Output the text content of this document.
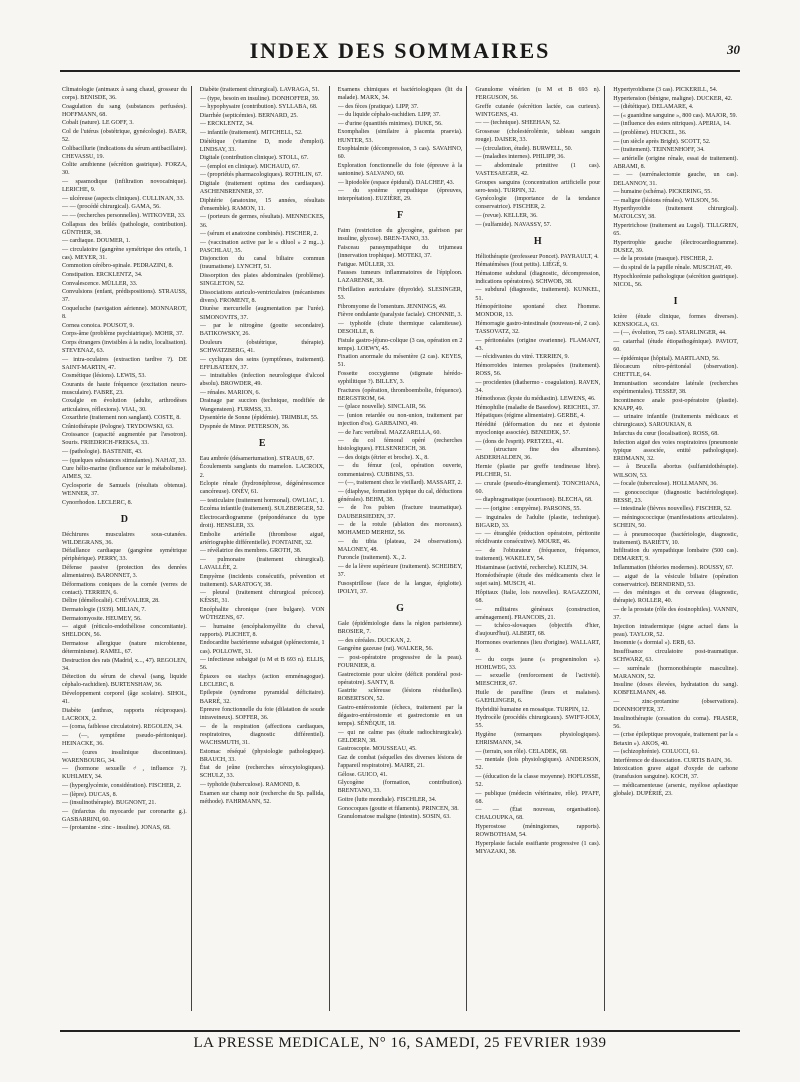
INDEX DES SOMMAIRES	30
Climatologie (animaux à sang chaud, grosseur du corps). BENISDE, 36.
Coagulation du sang (substances perfusées). HOFFMANN, 68.
Cobalt (nature). LE GOFF, 3.
Col de l'utérus (obstétrique, gynécologie). BAER, 52.
Colibacillurie (indications du sérum antibacillaire). CHEVASSU, 19.
Colite amibienne (sécrétion gastrique). FORZA, 30.
— spasmodique (infiltration novocaïnique). LERICHE, 9.
— ulcéreuse (aspects cliniques). CULLINAN, 33.
— — (procédé chirurgical). GAMA, 56.
— — (recherches personnelles). WITKOVER, 33.
Collapsus des brûlés (pathologie, contribution). GÜNTHER, 38.
— cardiaque. DOUMER, 1.
— circulatoire (gangrène symétrique des orteils, 1 cas). MEYER, 31.
Commotion cérébro-spinale. PEDRAZINI, 8.
Constipation. ERCKLENTZ, 34.
Convalescence. MÜLLER, 33.
Convulsions (enfant, prédispositions). STRAUSS, 37.
Coqueluche (navigation aérienne). MONNAROT, 8.
Cornea conoica. POUSOT, 9.
Corps-âme (problème psychiatrique). MOHR, 37.
Corps étrangers (invisibles à la radio, localisation). STEVENAZ, 63.
— intra-oculaires (extraction tardive ?). DE SAINT-MARTIN, 47.
Cosmétique (lésions). LEWIS, 53.
Courants de haute fréquence (excitation neuro-musculaire). FABRE, 23.
Coxalgie en évolution (adulte, arthrodèses articulaires, réflexions). VIAL, 30.
Coxarthrie (traitement non sanglant). COSTE, 8.
Crâniothérapie (Pologne). TRYDOWSKI, 63.
Croissance (capacité augmentée par l'æsotron). Souris. FRIEDRICH-FREKSA, 33.
— (pathologie). BASTENIE, 43.
— (quelques substances stimulantes). NAHAT, 33.
Cure hélio-marine (influence sur le métabolisme). AIMES, 32.
Cyclosporie de Samuels (résultats obtenus). WENNER, 37.
Cynorrhodon. LECLERC, 8.
D
Déchirures musculaires sous-cutanées. WILDEGRANS, 36.
Défaillance cardiaque (gangrène symétrique périphérique). PERRY, 33.
Défense passive (protection des denrées alimentaires). BARONNET, 3.
Déformations coniques de la cornée (verres de contact). TERRIEN, 6.
Délire (démélocalié). CHÉVALIER, 28.
Dermatologie (1939). MILIAN, 7.
Dermatomyosite. HEUMEY, 56.
— aiguë (réticulo-endothéliose concomitante). SHELDON, 56.
Dermatose allergique (nature microbienne, déterminisme). RAMEL, 67.
Destruction des rats (Madrid, x..., 47). REGOLEN, 34.
Détection du sérum de cheval (sang, liquide céphalo-rachidien). BURTENSHAW, 36.
Développement corporel (âge scolaire). SIHOL, 41.
Diabète (anthrax, rapports réciproques). LACROIX, 2.
— (coma, faiblesse circulatoire). REGOLEN, 34.
— (—, symptôme pseudo-péritonique). HEINACKE, 36.
— (cures insulinique discontinues). WARENBOURG, 34.
— (hormone sexuelle ♂, influence ?). KUHLMEY, 34.
— (hyperglycémie, considération). FISCHER, 2.
— (lèpre). DUCAS, 8.
— (insulinothérapie). BUGNONT, 21.
— (infarctus du myocarde par coronarite g.). GASBARRINI, 60.
— (protamine - zinc - insuline). JONAS, 68.
Diabète (traitement chirurgical). LAVRAGA, 51.
— (type, besoin en insuline). DONHOFFER, 39.
— hypophysaire (contribution). SYLLABA, 68.
Diarrhée (septicémies). BERNARD, 25.
— ERCKLENTZ, 34.
— infantile (traitement). MITCHELL, 52.
Diététique (vitamine D, mode d'emploi). LINDSAY, 33.
Digitale (contribution clinique). STOLL, 67.
— (emploi en clinique). MICHAUD, 67.
— (propriétés pharmacologiques). ROTHLIN, 67.
Digitale (traitement optima des cardiaques). ASCHENBRENNER, 37.
Diphtérie (anatoxine, 15 années, résultats d'ensemble). RAMON, 11.
— (porteurs de germes, résultats). MENNECKES, 36.
— (sérum et anatoxine combinés). FISCHER, 2.
— (vaccination active par le « diluol » 2 mg...). PASCHLAU, 35.
Disjonction du canal biliaire commun (traumatisme). LYNCHT, 51.
Dissorption des plaies abdominales (problème). SINGLETON, 52.
Dissociations auriculo-ventriculaires (mécanismes divers). FROMENT, 8.
Diurèse mercurielle (augmentation par l'urée). SIMONOVITS, 37.
— par le nitrogène (goutte secondaire). BATIKOWSKY, 26.
Douleurs (obstétrique, thérapie). SCHWATZBERG, 41.
— cycliques des seins (symptômes, traitement). EFFLBATEEN, 37.
— intraitables (infection neurologique d'alcool absolu). BROWDER, 49.
— rénales. MARION, 6.
Drainage par succion (technique, modifiée de Wangensteen). FURMSS, 33.
Dysentérie de Sonne (épidémie). TRIMBLE, 55.
Dyspnée de Minor. PETERSON, 36.
E
Eau ambrée (désamertumation). STRAUB, 67.
Écoulements sanglants du mamelon. LACROIX, 2.
Eclopie rénale (hydronéphrose, dégénérescence cancéreuse). ONÉV, 61.
— testiculaire (traitement hormonal). OWLIAC, 1.
Eczéma infantile (traitement). SULZBERGER, 52.
Electrocardiogramme (prépondérance du type droit). HENSLER, 33.
Embolie artérielle (thrombose aiguë, artériographie différentielle). FONTAINE, 32.
— révélatrice des membres. GROTH, 38.
— pulmonaire (traitement chirurgical). LAVALLÉE, 2.
Empyème (incidents consécutifs, prévention et traitement). SARATOGY, 38.
— pleural (traitement chirurgical précoce). KÉSSE, 31.
Encéphalite chronique (rare bulgare). VON WÜTHZENS, 67.
— humaine (encéphalomyélite du cheval, rapports). PLICHET, 8.
Endocardite bactérienne subaiguë (splénectomie, 1 cas). POLLOWE, 31.
— infectieuse subaiguë (u M et B 693 n). ELLIS, 56.
Épiaxes ou stachys (action emménagogue). LECLERC, 8.
Epilepsie (syndrome pyramidal déficitaire). BARRÉ, 32.
Epreuve fonctionnelle du foie (dilatation de soude intraveineux). SOFFER, 36.
— de la respiration (affections cardiaques, respiratoires, diagnostic différentiel). WACHSMUTH, 31.
Estomac réséqué (physiologie pathologique). BRAUCH, 33.
État de jeûne (recherches sérocytologiques). SCHULZ, 33.
— typhoïde (tuberculose). RAMOND, 8.
Examen sur champ noir (recherche du Sp. pallida, méthode). FAHRMANN, 52.
Examens chimiques et bactériologiques (lit du malade). MARX, 34.
— des fèces (pratique). LIPP, 37.
— du liquide céphalo-rachidien. LIPP, 37.
— d'urine (quantités minimes). DUKE, 56.
Exomphalies (similaire à placenta praevia). HUNTER, 53.
Exophtalmie (décompression, 3 cas). SAVAHNO, 60.
Exploration fonctionnelle du foie (épreuve à la santonine). SALVANO, 60.
— lipiodolée (espace épidural). DALCHEF, 43.
— du système sympathique (épreuves, interprétation). EUZIÈRE, 29.
F
Faim (restriction du glycogène, guérison par insuline, glycose). BREN-TANO, 33.
Faisceau parasympathique du trijumeau (innervation trophique). MOTEKI, 37.
Fatigue. MÜLLER, 33.
Fausses tumeurs inflammatoires de l'épiploon. LAZARENSE, 38.
Fibrillation auriculaire (thyroïde). SLESINGER, 53.
Fibromyome de l'omentum. JENNINGS, 49.
Fièvre ondulante (paralysie faciale). CHONNIE, 3.
— typhoïde (chute thermique calamiteuse). DESOILLE, 8.
Fistule gastro-jéjuno-colique (3 cas, opération en 2 temps). LOEWY, 45.
Fixation anormale du mésentère (2 cas). KEYES, 51.
Fossette coccygienne (stigmate hérédo-syphilitique ?). BILLEY, 3.
Fractures (opération, thromboembolie, fréquence). BERGSTROM, 64.
— (place nouvelle). SINCLAIR, 56.
— (union retardée ou non-union, traitement par injection d'os). GARBAINO, 49.
— de l'arc vertébral. MAZZARELLA, 60.
— du col fémoral opéré (recherches histologiques). FELSENREICH, 38.
— des doigts (étrier et broche). X., 8.
— du fémur (col, opération ouverte, commentaires). CUBBINS, 53.
— (—, traitement chez le vieillard). MASSART, 2.
— (diaphyse, formation typique du cal, déductions générales). BEHM, 38.
— de l'os pubien (fracture traumatique). DAUBERSIEDEN, 37.
— de la rotule (ablation des morceaux). MOHAMED MERHIZ, 56.
— du tibia (plateau, 24 observations). MALONEY, 48.
Furoncle (traitement). X., 2.
— de la lèvre supérieure (traitement). SCHEIBEY, 37.
Fusospirillose (face de la langue, épiglotte). IPOLYI, 37.
G
Gale (épidémiologie dans la région parisienne). BROSIER, 7.
— des céréales. DUCKAN, 2.
Gangrène gazeuse (rat). WALKER, 56.
— post-opératoire progressive de la peau). FOURNIER, 8.
Gastrectomie pour ulcère (déficit pondéral post-opératoire). SANTY, 8.
Gastrite scléreuse (lésions résiduelles). ROBERTSON, 52.
Gastro-entérostomie (échecs, traitement par la dégastro-entérostomie et gastrectomie en un temps). SÉNÈQUE, 18.
— qui ne calme pas (étude radiochirurgicale). GELDERN, 38.
Gastroscopie. MOUSSEAU, 45.
Gaz de combat (séquelles des diverses lésions de l'appareil respiratoire). MAIRE, 21.
Gélose. GUICO, 41.
Glycogène (formation, contribution). BRENTANO, 33.
Goitre (lutte mondiale). FISCHLER, 34.
Gonocoques (goutte et filaments). PRINCEN, 38.
Granulomatose maligne (intestin). SOSIN, 63.
Granulome vénérien (u M et B 693 n). FERGUSON, 56.
Greffe cutanée (sécrétion lactée, cas curieux). WINTGENS, 43.
— — (technique). SHEEHAN, 52.
Grossesse (cholestérolémie, tableau sanguin rouge). DAISER, 33.
— (circulation, étude). BURWELL, 50.
— (maladies internes). PHILIPP, 36.
— abdominale primitive (1 cas). VASTESAEGER, 42.
Groupes sanguins (concentration artificielle pour sero-tests). TURPIN, 32.
Gynécologie (importance de la tendance conservatrice). FISCHER, 2.
— (revue). KELLER, 36.
— (sulfamide). NAVASSY, 57.
H
Héliothérapie (professeur Poncet). PAYRAULT, 4.
Hématémèses (fout petits). LIÉGÉ, 9.
Hématome subdural (diagnostic, décompression, indications opératoires). SCHWOB, 38.
— subdural (diagnostic, traitement). KUNKEL, 51.
Hémopéritoine spontané chez l'homme. MONDOR, 13.
Hémorragie gastro-intestinale (nouveau-né, 2 cas). TASSOVATZ, 32.
— péritonéales (origine ovarienne). FLAMANT, 43.
— récidivantes du vitré. TERRIEN, 9.
Hémorroïdes internes prolapsées (traitement). ROSS, 56.
— procidentes (diathermo - coagulation). RAVEN, 34.
Hémothorax (kyste du médiastin). LEWENS, 46.
Hémophilie (maladie de Basedow). REICHEL, 37.
Hépatiques (régime alimentaire). GERBE, 4.
Hérédité (déformation du nez et dystonie myocloniqe associée). BENEDEK, 57.
— (dons de l'esprit). PRETZEL, 41.
— (structure fine des albumines). ABDERHALDEN, 36.
Hernie (plastie par greffe tendineuse libre). PILCHER, 51.
— crurale (pseudo-étranglement). TONCHIANA, 60.
— diaphragmatique (sourrisson). BLECHA, 68.
— — (origine : empyème). PARSONS, 55.
— inguinales de l'adulte (plastie, technique). BIGARD, 33.
— — étranglée (réduction opératoire, péritonite récidivante consécutive). MOURE, 46.
— de l'obturateur (fréquence, fréquence, traitement). WAKELEY, 54.
Histaminase (activité, recherche). KLEIN, 34.
Homéothérapie (étude des médicaments chez le sujet sain). MUSCH, 41.
Hôpitaux (Italie, lois nouvelles). RAGAZZONI, 68.
— militaires généraux (construction, aménagement). FRANCOIS, 21.
— tchéco-slovaques (objectifs d'hier, d'aujourd'hui). ALBERT, 68.
Hormones ovariennes (lieu d'origine). WALLART, 8.
— du corps jaune (« progneninolon »). HOHLWEG, 33.
— sexuelle (renforcement de l'activité). MIESCHER, 67.
Huile de paraffine (leurs et malaises). GAEHLINGER, 6.
Hybridité humaine en mosaïque. TURPIN, 12.
Hydrocèle (procédés chirurgicaux). SWIFT-JOLY, 55.
Hygiène (remarques physiologiques). EHRISMANN, 34.
— (terrain, son rôle). CELADEK, 68.
— mentale (lois physiologiques). ANDERSON, 52.
— (éducation de la classe moyenne). HOFLOSSE, 52.
— publique (médecin vétérinaire, rôle). PFAFF, 68.
— — (État nouveau, organisation). CHALOUPKA, 68.
Hyperostose (méningiomes, rapports). ROWBOTHAM, 54.
Hyperplasie faciale essifiante progressive (1 cas). MIYAZAKI, 38.
Hypertyroïdisme (3 cas). PICKERILL, 54.
Hypertension (bénigne, maligne). DUCKER, 42.
— (diététique). DELAMARE, 4.
— (« guanidine sanguine », 800 cas). MAJOR, 59.
— (influence des esters nitriques). APERIA, 14.
— (problème). HUCKEL, 36.
— (un siècle après Bright). SCOTT, 52.
— (traitement). TEINNENHOFF, 34.
— artérielle (origine rénale, essai de traitement). ABRAMI, 8.
— — (surrénalectomie gauche, un cas). DELANNOY, 31.
— humaine (schéma). PICKERING, 55.
— maligne (lésions rénales). WILSON, 56.
Hyperthyroïdie (traitement chirurgical). MATOLCSY, 38.
Hypertrichose (traitement au Lugol). TILLGREN, 65.
Hypertrophie gauche (électrocardiogramme). DUSEZ, 39.
— de la prostate (masque). FISCHER, 2.
— du spiral de la papille rénale. MUSCHAT, 49.
Hypochlorémie pathologique (sécrétion gastrique). NICOL, 56.
I
Ictère (étude clinique, formes diverses). KENSIOGLA, 63.
— (—, évolution, 75 cas). STARLINGER, 44.
— catarrhal (étude étiopathogénique). PAVIOT, 60.
— épidémique (hôpital). MARTLAND, 56.
Iléocæcum rétro-péritonéal (observation). CHETTLE, 64.
Immunisation secondaire latérale (recherches expérimentales). TESSEF, 38.
Incontinence anale post-opératoire (plastie). KNAPP, 49.
— urinaire infantile (traitements médicaux et chirurgicaux). SAROUKIAN, 8.
Infarctus du cœur (localisation). ROSS, 68.
Infection aiguë des voies respiratoires (pneumonie typique associée, entité pathologique). ERDMANN, 32.
— à Brucella abortus (sulfamidothérapie). WILSON, 53.
— focale (tuberculose). HOLLMANN, 36.
— gonococcique (diagnostic bactériologique). BESSE, 23.
— intestinale (fièvres nouvelles). FISCHER, 52.
— méningococcique (manifestations articulaires). SCHEIN, 50.
— à pneumocoque (bactériologie, diagnostic, traitement). BARIÉTY, 10.
Infiltration du sympathique lombaire (500 cas). DEMARET, 9.
Inflammation (théories modernes). ROUSSY, 67.
— aiguë de la vésicule biliaire (opération conservatrice). BERNDRND, 53.
— des méninges et du cerveau (diagnostic, thérapie). ROLLER, 40.
— de la prostate (rôle des éosinophiles). VANNIN, 37.
Injection intradermique (signe actuel dans la peau). TAYLOR, 52.
Insomnie (« dormial »). ERB, 63.
Insuffisance circulatoire post-traumatique. SCHWARZ, 63.
— surrénale (hormonothérapie masculine). MARANON, 52.
Insuline (doses élevées, hydratation du sang). KOBFELMANN, 48.
— zinc-protamine (observations). DONNHOFFER, 37.
Insulinothérapie (cessation du coma). FRASER, 56.
— (crise épileptique provoquée, traitement par la « Betaxin »). AKOS, 40.
— (schizophrénie). COLUCCI, 61.
Interférence de dissociation. CURTIS BAIN, 36.
Intoxication grave aiguë d'oxyde de carbone (transfusion sanguine). KOCH, 37.
— médicamenteuse (arsenic, myélose aplastique globale). DUPÉRIÉ, 23.
LA PRESSE MEDICALE, N° 16, SAMEDI, 25 FEVRIER 1939
